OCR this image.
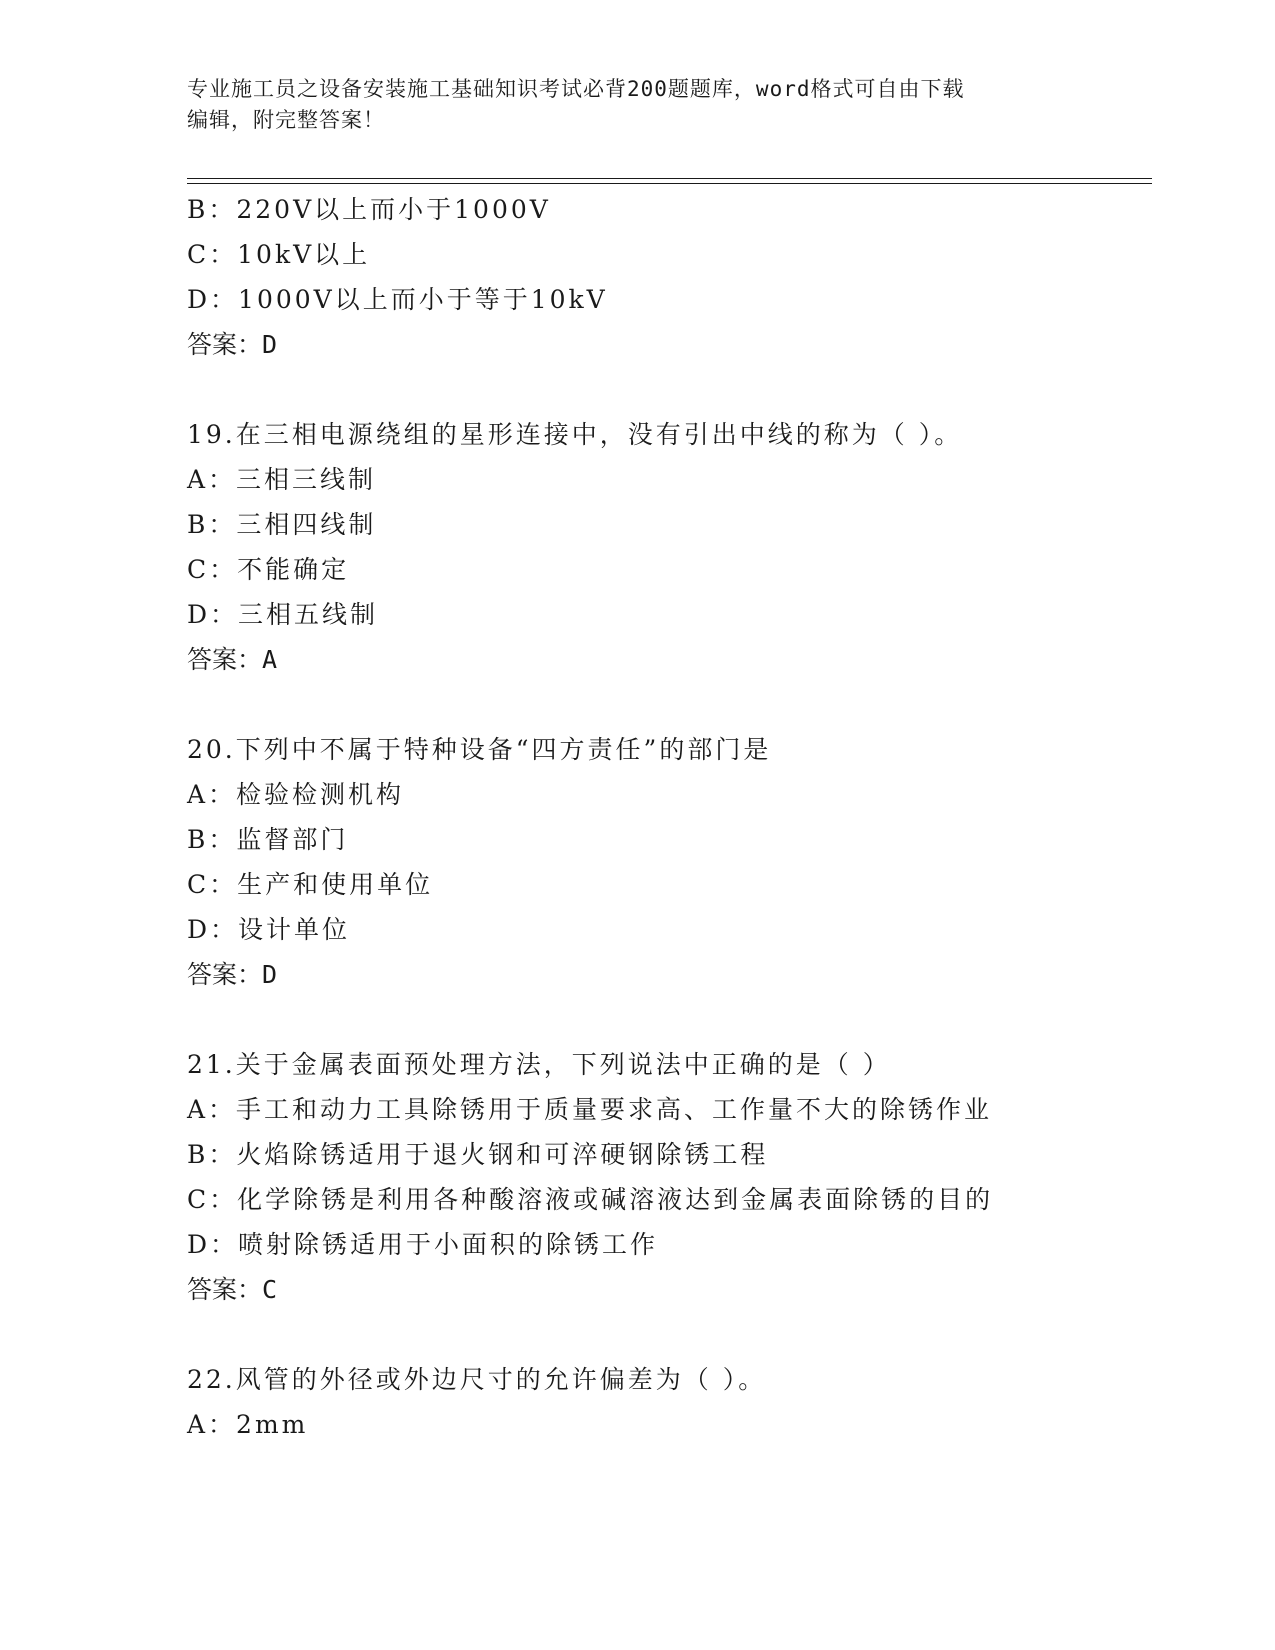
专业施工员之设备安装施工基础知识考试必背200题题库，word格式可自由下载
编辑，附完整答案！
B：220V以上而小于1000V
C：10kV以上
D：1000V以上而小于等于10kV
答案：D
19.在三相电源绕组的星形连接中，没有引出中线的称为（ ）。
A：三相三线制
B：三相四线制
C：不能确定
D：三相五线制
答案：A
20.下列中不属于特种设备“四方责任”的部门是
A：检验检测机构
B：监督部门
C：生产和使用单位
D：设计单位
答案：D
21.关于金属表面预处理方法，下列说法中正确的是（ ）
A：手工和动力工具除锈用于质量要求高、工作量不大的除锈作业
B：火焰除锈适用于退火钢和可淬硬钢除锈工程
C：化学除锈是利用各种酸溶液或碱溶液达到金属表面除锈的目的
D：喷射除锈适用于小面积的除锈工作
答案：C
22.风管的外径或外边尺寸的允许偏差为（ ）。
A：2mm
